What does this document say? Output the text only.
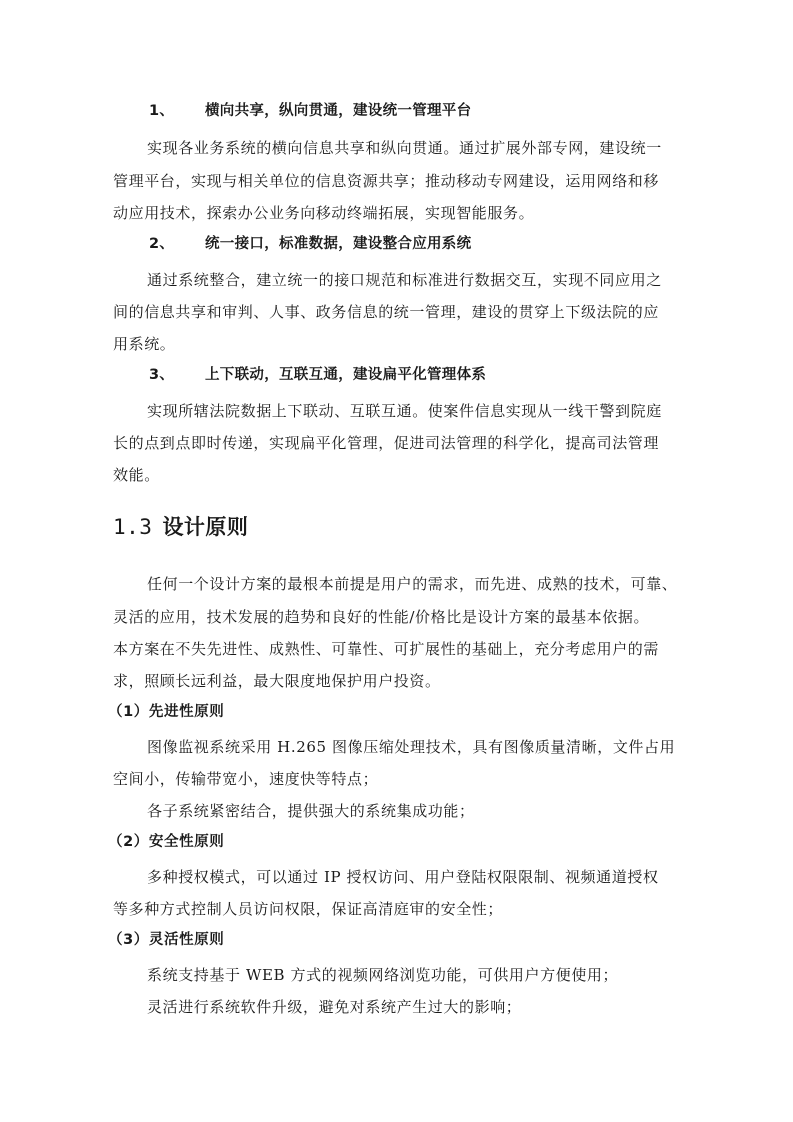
1、 横向共享，纵向贯通，建设统一管理平台
实现各业务系统的横向信息共享和纵向贯通。通过扩展外部专网，建设统一
管理平台，实现与相关单位的信息资源共享；推动移动专网建设，运用网络和移
动应用技术，探索办公业务向移动终端拓展，实现智能服务。
2、 统一接口，标准数据，建设整合应用系统
通过系统整合，建立统一的接口规范和标准进行数据交互，实现不同应用之
间的信息共享和审判、人事、政务信息的统一管理，建设的贯穿上下级法院的应
用系统。
3、 上下联动，互联互通，建设扁平化管理体系
实现所辖法院数据上下联动、互联互通。使案件信息实现从一线干警到院庭
长的点到点即时传递，实现扁平化管理，促进司法管理的科学化，提高司法管理
效能。
1.3 设计原则
任何一个设计方案的最根本前提是用户的需求，而先进、成熟的技术，可靠、
灵活的应用，技术发展的趋势和良好的性能/价格比是设计方案的最基本依据。
本方案在不失先进性、成熟性、可靠性、可扩展性的基础上，充分考虑用户的需
求，照顾长远利益，最大限度地保护用户投资。
（1）先进性原则
图像监视系统采用 H.265 图像压缩处理技术，具有图像质量清晰，文件占用
空间小，传输带宽小，速度快等特点；
各子系统紧密结合，提供强大的系统集成功能；
（2）安全性原则
多种授权模式，可以通过 IP 授权访问、用户登陆权限限制、视频通道授权
等多种方式控制人员访问权限，保证高清庭审的安全性；
（3）灵活性原则
系统支持基于 WEB 方式的视频网络浏览功能，可供用户方便使用；
灵活进行系统软件升级，避免对系统产生过大的影响；
